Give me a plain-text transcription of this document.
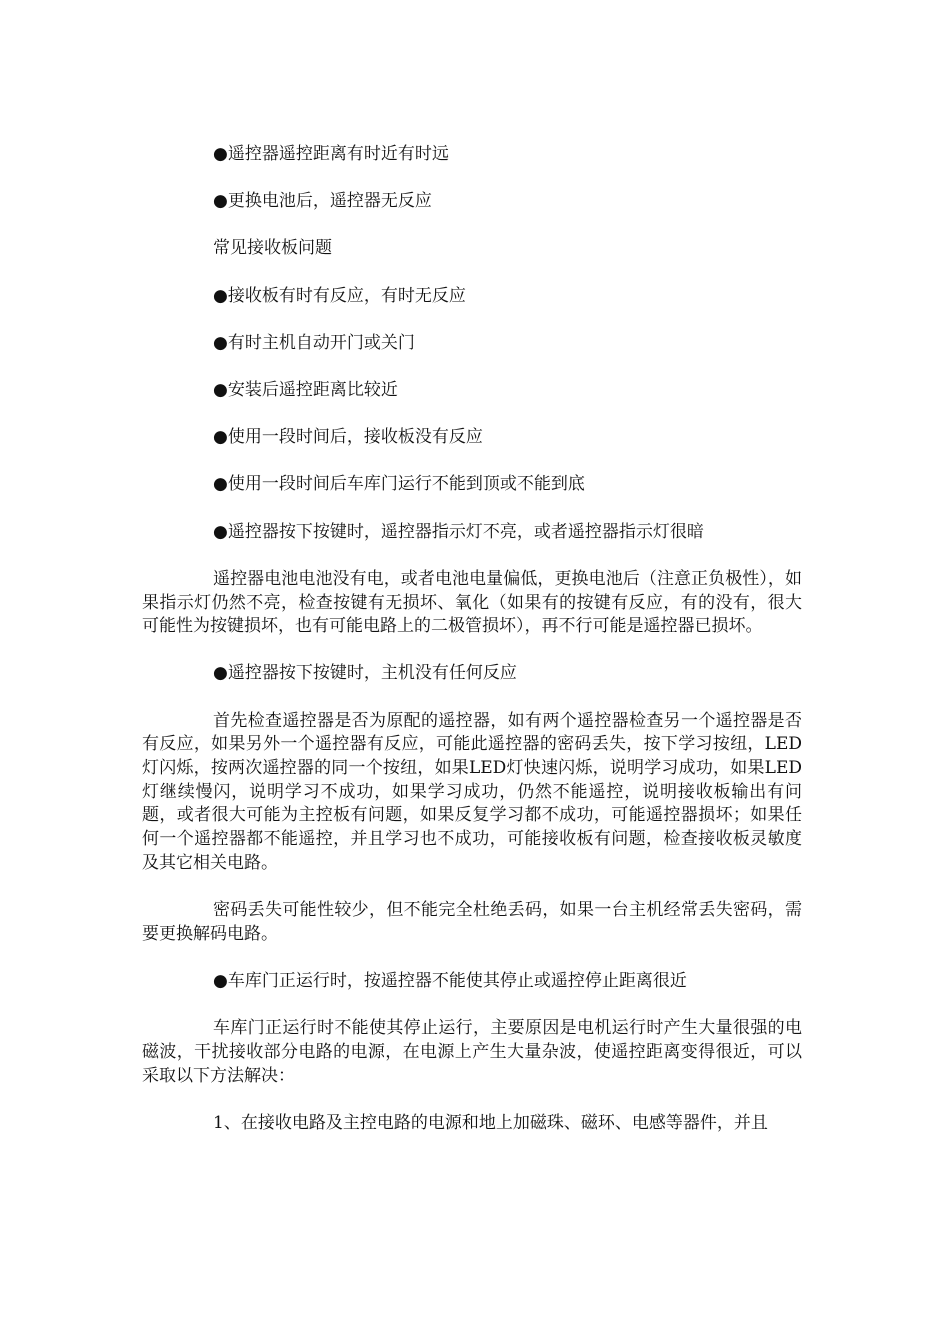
●遥控器遥控距离有时近有时远

●更换电池后，遥控器无反应

常见接收板问题

●接收板有时有反应，有时无反应

●有时主机自动开门或关门

●安装后遥控距离比较近

●使用一段时间后，接收板没有反应

●使用一段时间后车库门运行不能到顶或不能到底

●遥控器按下按键时，遥控器指示灯不亮，或者遥控器指示灯很暗

遥控器电池电池没有电，或者电池电量偏低，更换电池后（注意正负极性），如果指示灯仍然不亮，检查按键有无损坏、氧化（如果有的按键有反应，有的没有，很大可能性为按键损坏，也有可能电路上的二极管损坏），再不行可能是遥控器已损坏。

●遥控器按下按键时，主机没有任何反应

首先检查遥控器是否为原配的遥控器，如有两个遥控器检查另一个遥控器是否有反应，如果另外一个遥控器有反应，可能此遥控器的密码丢失，按下学习按纽，LED灯闪烁，按两次遥控器的同一个按纽，如果LED灯快速闪烁，说明学习成功，如果LED灯继续慢闪，说明学习不成功，如果学习成功，仍然不能遥控，说明接收板输出有问题，或者很大可能为主控板有问题，如果反复学习都不成功，可能遥控器损坏；如果任何一个遥控器都不能遥控，并且学习也不成功，可能接收板有问题，检查接收板灵敏度及其它相关电路。

密码丢失可能性较少，但不能完全杜绝丢码，如果一台主机经常丢失密码，需要更换解码电路。

●车库门正运行时，按遥控器不能使其停止或遥控停止距离很近

车库门正运行时不能使其停止运行，主要原因是电机运行时产生大量很强的电磁波，干扰接收部分电路的电源，在电源上产生大量杂波，使遥控距离变得很近，可以采取以下方法解决：

1、在接收电路及主控电路的电源和地上加磁珠、磁环、电感等器件，并且
